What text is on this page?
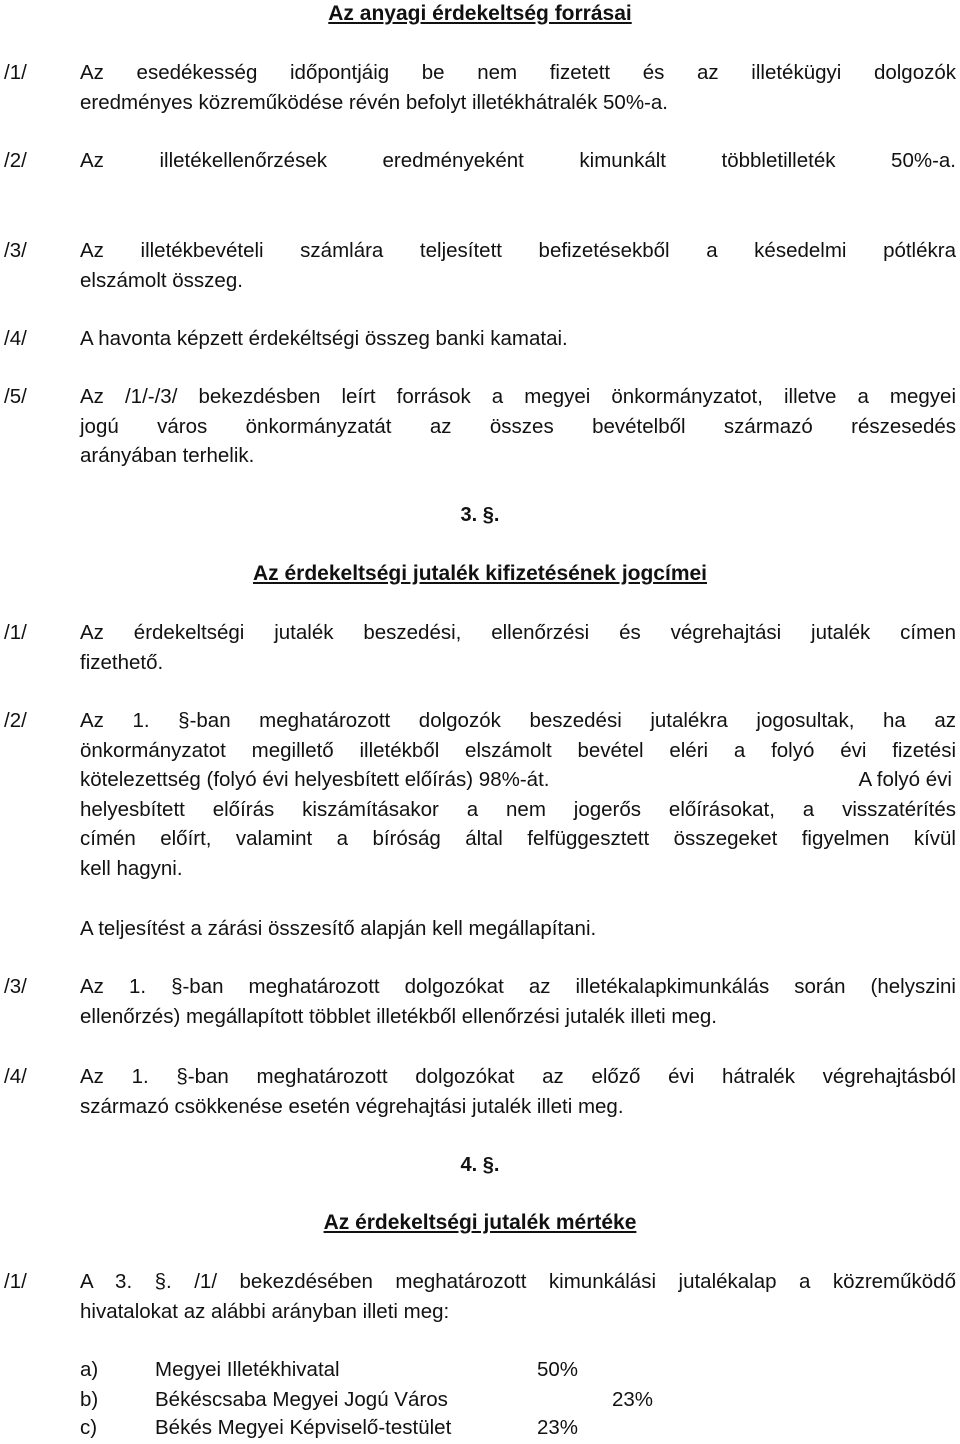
Az anyagi érdekeltség forrásai
/1/	Az esedékesség időpontjáig be nem fizetett és az illetékügyi dolgozók
eredményes közreműködése révén befolyt illetékhátralék 50%-a.
/2/	Az illetékellenőrzések eredményeként kimunkált többletilleték 50%-a.
/3/	Az illetékbevételi számlára teljesített befizetésekből a késedelmi pótlékra
elszámolt összeg.
/4/	A havonta képzett érdekéltségi összeg banki kamatai.
/5/	Az /1/-/3/ bekezdésben leírt források a megyei önkormányzatot, illetve a megyei
jogú város önkormányzatát az összes bevételből származó részesedés
arányában terhelik.
3. §.
Az érdekeltségi jutalék kifizetésének jogcímei
/1/	Az érdekeltségi jutalék beszedési, ellenőrzési és végrehajtási jutalék címen
fizethető.
/2/	Az 1. §-ban meghatározott dolgozók beszedési jutalékra jogosultak, ha az
önkormányzatot megillető illetékből elszámolt bevétel eléri a folyó évi fizetési
kötelezettség (folyó évi helyesbített előírás) 98%-át.	A folyó évi
helyesbített előírás kiszámításakor a nem jogerős előírásokat, a visszatérítés
címén előírt, valamint a bíróság által felfüggesztett összegeket figyelmen kívül
kell hagyni.
A teljesítést a zárási összesítő alapján kell megállapítani.
/3/	Az 1. §-ban meghatározott dolgozókat az illetékalapkimunkálás során (helyszini
ellenőrzés) megállapított többlet illetékből ellenőrzési jutalék illeti meg.
/4/	Az 1. §-ban meghatározott dolgozókat az előző évi hátralék végrehajtásból
származó csökkenése esetén végrehajtási jutalék illeti meg.
4. §.
Az érdekeltségi jutalék mértéke
/1/	A 3. §. /1/ bekezdésében meghatározott kimunkálási jutalékalap a közreműködő
hivatalokat az alábbi arányban illeti meg:
a)	Megyei Illetékhivatal	50%
b)	Békéscsaba Megyei Jogú Város	23%
c)	Békés Megyei Képviselő-testület	23%
